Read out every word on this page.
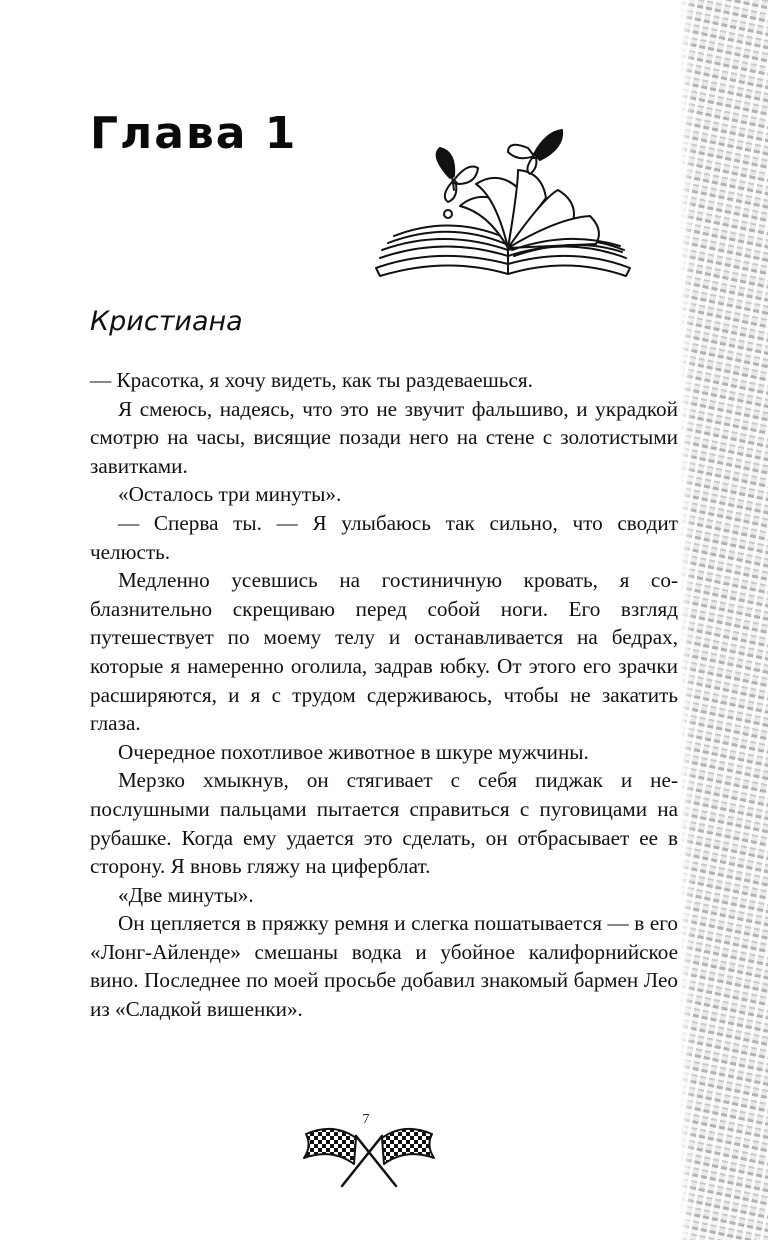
Глава 1
Кристиана

— Красотка, я хочу видеть, как ты раздеваешься.

Я смеюсь, надеясь, что это не звучит фальшиво, и украдкой смотрю на часы, висящие позади него на стене с золотистыми завитками.

«Осталось три минуты».

— Сперва ты. — Я улыбаюсь так сильно, что сводит челюсть.

Медленно усевшись на гостиничную кровать, я соблазнительно скрещиваю перед собой ноги. Его взгляд путешествует по моему телу и останавливается на бедрах, которые я намеренно оголила, задрав юбку. От этого его зрачки расширяются, и я с трудом сдерживаюсь, чтобы не закатить глаза.

Очередное похотливое животное в шкуре мужчины.

Мерзко хмыкнув, он стягивает с себя пиджак и непослушными пальцами пытается справиться с пуговицами на рубашке. Когда ему удается это сделать, он отбрасывает ее в сторону. Я вновь гляжу на циферблат.

«Две минуты».

Он цепляется в пряжку ремня и слегка пошатывается — в его «Лонг-Айленде» смешаны водка и убойное калифорнийское вино. Последнее по моей просьбе добавил знакомый бармен Лео из «Сладкой вишенки».

7
